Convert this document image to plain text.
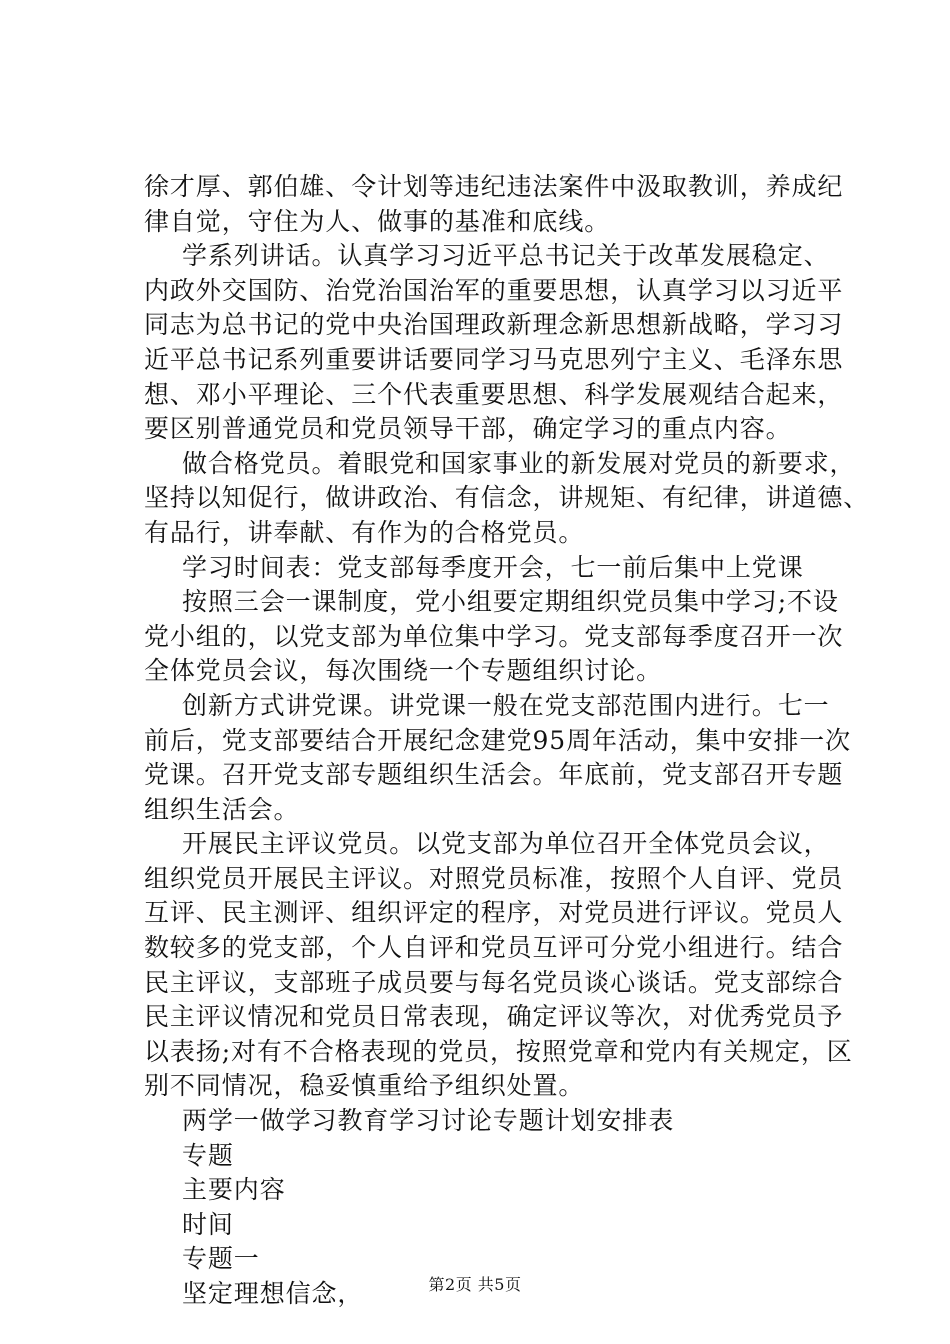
徐才厚、郭伯雄、令计划等违纪违法案件中汲取教训，养成纪
律自觉，守住为人、做事的基准和底线。
学系列讲话。认真学习习近平总书记关于改革发展稳定、
内政外交国防、治党治国治军的重要思想，认真学习以习近平
同志为总书记的党中央治国理政新理念新思想新战略，学习习
近平总书记系列重要讲话要同学习马克思列宁主义、毛泽东思
想、邓小平理论、三个代表重要思想、科学发展观结合起来，
要区别普通党员和党员领导干部，确定学习的重点内容。
做合格党员。着眼党和国家事业的新发展对党员的新要求，
坚持以知促行，做讲政治、有信念，讲规矩、有纪律，讲道德、
有品行，讲奉献、有作为的合格党员。
学习时间表：党支部每季度开会，七一前后集中上党课
按照三会一课制度，党小组要定期组织党员集中学习;不设
党小组的，以党支部为单位集中学习。党支部每季度召开一次
全体党员会议，每次围绕一个专题组织讨论。
创新方式讲党课。讲党课一般在党支部范围内进行。七一
前后，党支部要结合开展纪念建党95周年活动，集中安排一次
党课。召开党支部专题组织生活会。年底前，党支部召开专题
组织生活会。
开展民主评议党员。以党支部为单位召开全体党员会议，
组织党员开展民主评议。对照党员标准，按照个人自评、党员
互评、民主测评、组织评定的程序，对党员进行评议。党员人
数较多的党支部，个人自评和党员互评可分党小组进行。结合
民主评议，支部班子成员要与每名党员谈心谈话。党支部综合
民主评议情况和党员日常表现，确定评议等次，对优秀党员予
以表扬;对有不合格表现的党员，按照党章和党内有关规定，区
别不同情况，稳妥慎重给予组织处置。
两学一做学习教育学习讨论专题计划安排表
专题
主要内容
时间
专题一
坚定理想信念，	第2页 共5页
